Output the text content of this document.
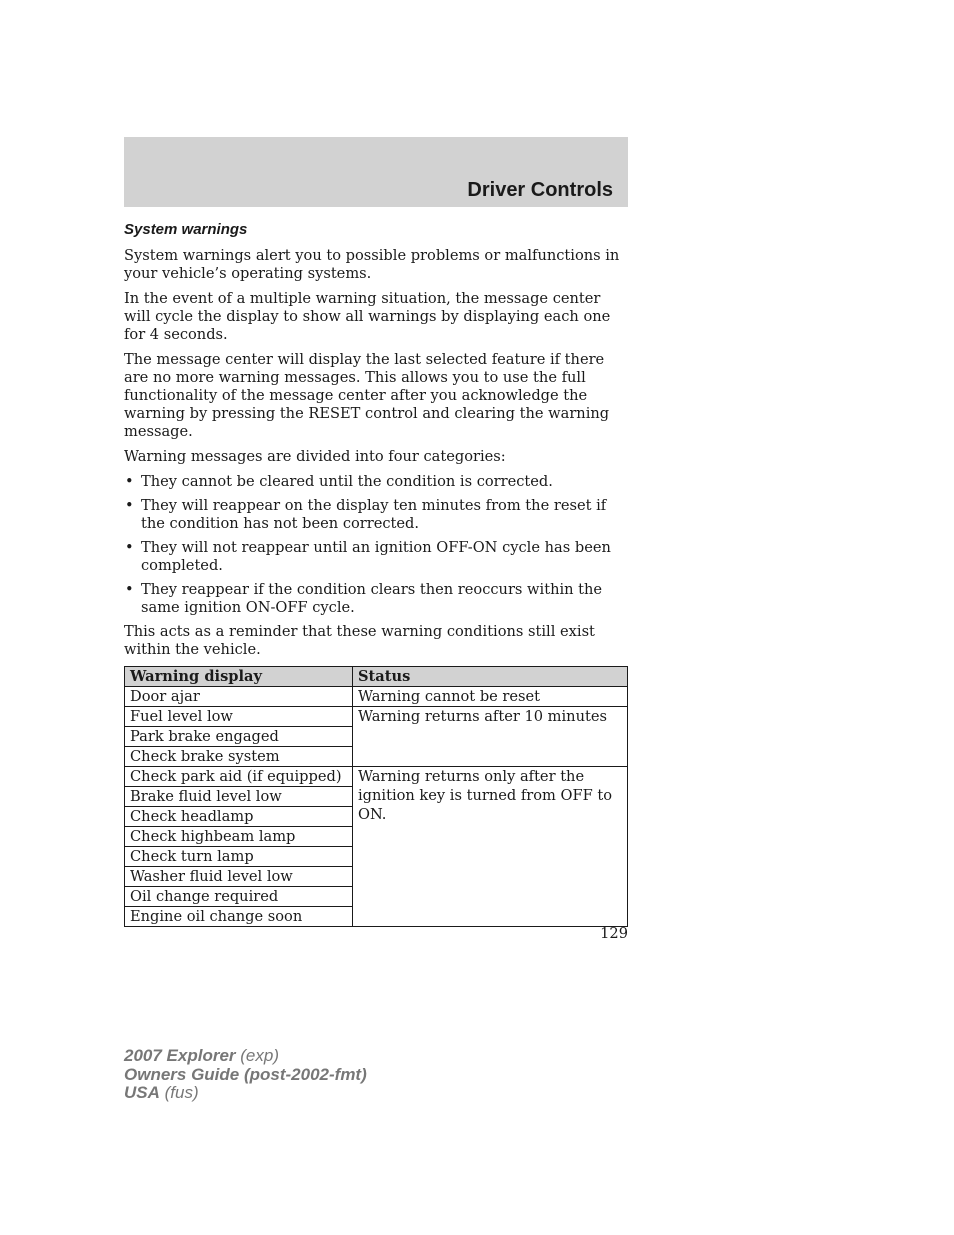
Driver Controls
System warnings

System warnings alert you to possible problems or malfunctions in your vehicle’s operating systems.

In the event of a multiple warning situation, the message center will cycle the display to show all warnings by displaying each one for 4 seconds.

The message center will display the last selected feature if there are no more warning messages. This allows you to use the full functionality of the message center after you acknowledge the warning by pressing the RESET control and clearing the warning message.

Warning messages are divided into four categories:

• They cannot be cleared until the condition is corrected.
• They will reappear on the display ten minutes from the reset if the condition has not been corrected.
• They will not reappear until an ignition OFF-ON cycle has been completed.
• They reappear if the condition clears then reoccurs within the same ignition ON-OFF cycle.

This acts as a reminder that these warning conditions still exist within the vehicle.

Warning display	Status
Door ajar	Warning cannot be reset
Fuel level low	Warning returns after 10 minutes
Park brake engaged	
Check brake system	
Check park aid (if equipped)	Warning returns only after the ignition key is turned from OFF to ON.
Brake fluid level low	
Check headlamp	
Check highbeam lamp	
Check turn lamp	
Washer fluid level low	
Oil change required	
Engine oil change soon	
129
2007 Explorer (exp)
Owners Guide (post-2002-fmt)
USA (fus)
